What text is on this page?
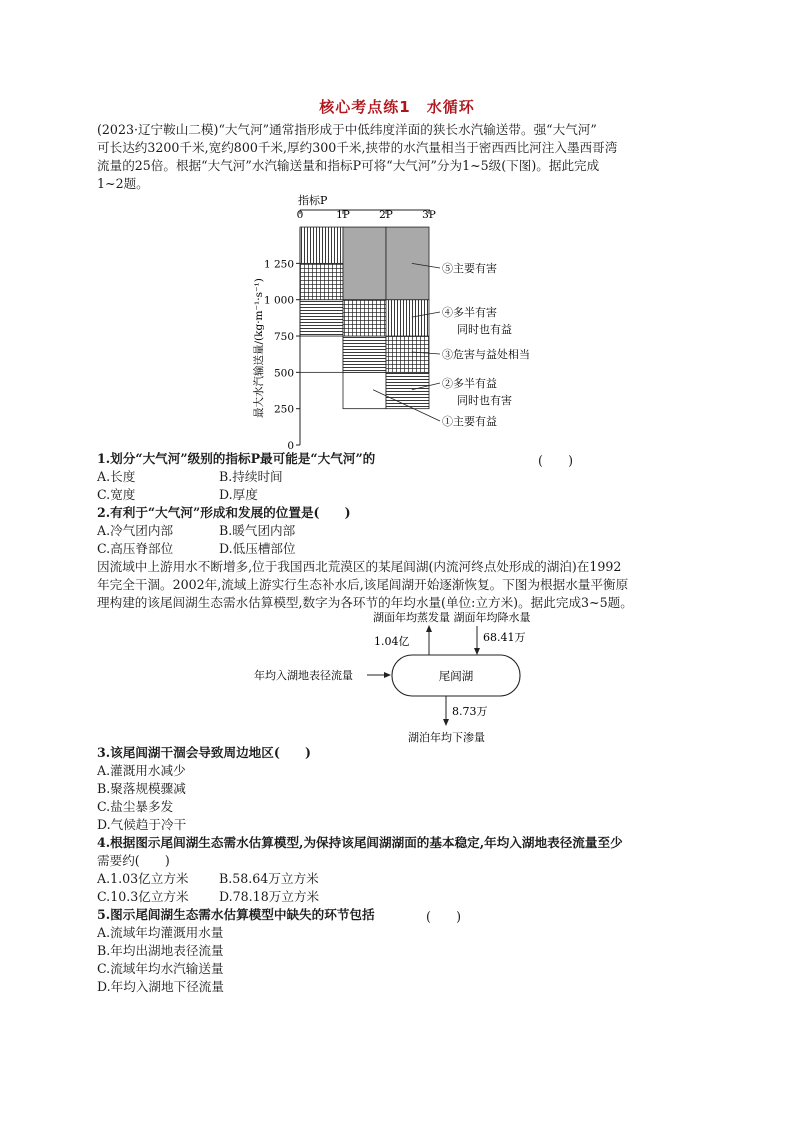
核心考点练1　水循环
(2023·辽宁鞍山二模)“大气河”通常指形成于中低纬度洋面的狭长水汽输送带。强“大气河”
可长达约3200千米,宽约800千米,厚约300千米,挟带的水汽量相当于密西西比河注入墨西哥湾
流量的25倍。根据“大气河”水汽输送量和指标P可将“大气河”分为1~5级(下图)。据此完成
1~2题。
0	1P	2P	3P
0
250
500
750
1 000
1 250
指标P
最大水汽输送量/(kg·m⁻¹·s⁻¹)
⑤主要有害
④多半有害
同时也有益
③危害与益处相当
②多半有益
同时也有害
①主要有益
1.划分“大气河”级别的指标P最可能是“大气河”的	(　　)
A.长度	B.持续时间
C.宽度	D.厚度
2.有利于“大气河”形成和发展的位置是(　　)
A.冷气团内部	B.暖气团内部
C.高压脊部位	D.低压槽部位
因流域中上游用水不断增多,位于我国西北荒漠区的某尾闾湖(内流河终点处形成的湖泊)在1992
年完全干涸。2002年,流域上游实行生态补水后,该尾闾湖开始逐渐恢复。下图为根据水量平衡原
理构建的该尾闾湖生态需水估算模型,数字为各环节的年均水量(单位:立方米)。据此完成3~5题。
湖面年均蒸发量 湖面年均降水量
1.04亿	68.41万
尾闾湖
年均入湖地表径流量
8.73万
湖泊年均下渗量
3.该尾闾湖干涸会导致周边地区(　　)
A.灌溉用水减少
B.聚落规模骤减
C.盐尘暴多发
D.气候趋于冷干
4.根据图示尾闾湖生态需水估算模型,为保持该尾闾湖湖面的基本稳定,年均入湖地表径流量至少
需要约(　　)
A.1.03亿立方米 B.58.64万立方米
C.10.3亿立方米 D.78.18万立方米
5.图示尾闾湖生态需水估算模型中缺失的环节包括	(　　)
A.流域年均灌溉用水量
B.年均出湖地表径流量
C.流域年均水汽输送量
D.年均入湖地下径流量
